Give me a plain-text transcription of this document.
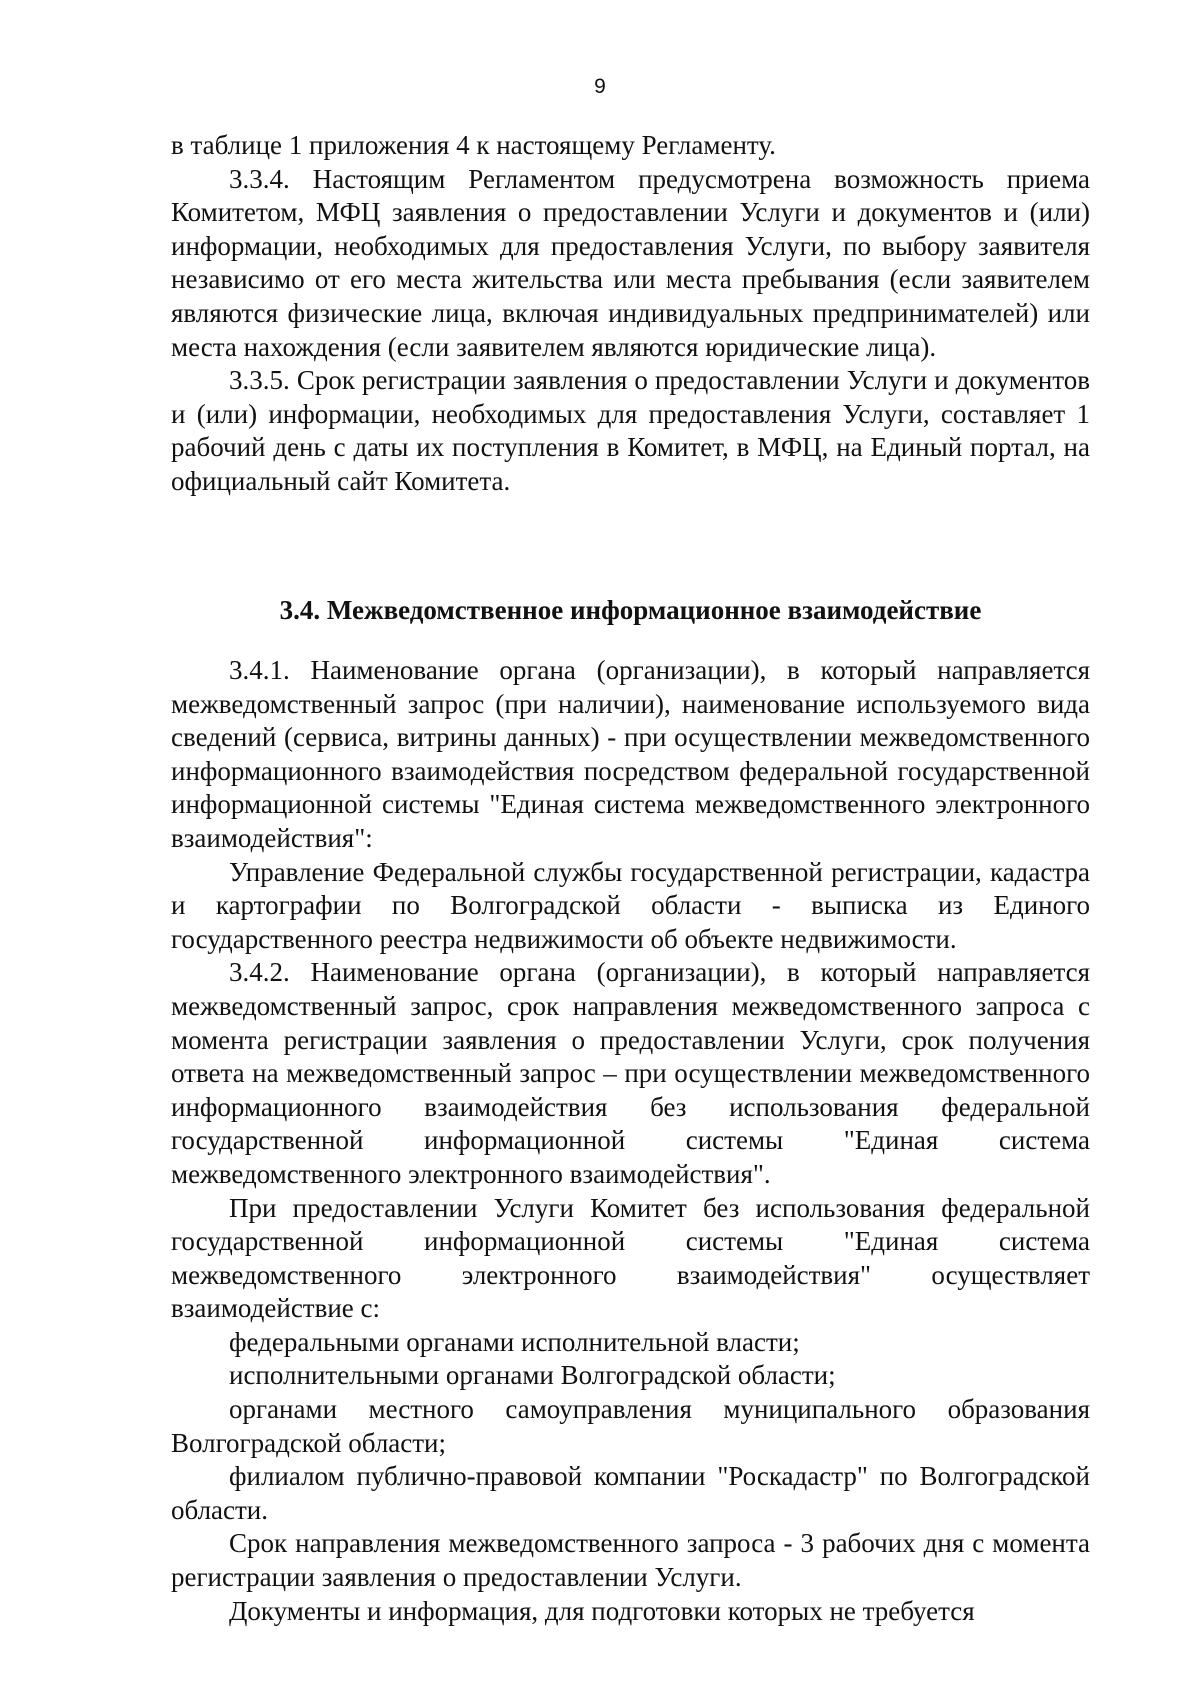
9

в таблице 1 приложения 4 к настоящему Регламенту.

3.3.4. Настоящим Регламентом предусмотрена возможность приема Комитетом, МФЦ заявления о предоставлении Услуги и документов и (или) информации, необходимых для предоставления Услуги, по выбору заявителя независимо от его места жительства или места пребывания (если заявителем являются физические лица, включая индивидуальных предпринимателей) или места нахождения (если заявителем являются юридические лица).

3.3.5. Срок регистрации заявления о предоставлении Услуги и документов и (или) информации, необходимых для предоставления Услуги, составляет 1 рабочий день с даты их поступления в Комитет, в МФЦ, на Единый портал, на официальный сайт Комитета.

3.4. Межведомственное информационное взаимодействие

3.4.1. Наименование органа (организации), в который направляется межведомственный запрос (при наличии), наименование используемого вида сведений (сервиса, витрины данных) - при осуществлении межведомственного информационного взаимодействия посредством федеральной государственной информационной системы "Единая система межведомственного электронного взаимодействия":

Управление Федеральной службы государственной регистрации, кадастра и картографии по Волгоградской области - выписка из Единого государственного реестра недвижимости об объекте недвижимости.

3.4.2. Наименование органа (организации), в который направляется межведомственный запрос, срок направления межведомственного запроса с момента регистрации заявления о предоставлении Услуги, срок получения ответа на межведомственный запрос – при осуществлении межведомственного информационного взаимодействия без использования федеральной государственной информационной системы "Единая система межведомственного электронного взаимодействия".

При предоставлении Услуги Комитет без использования федеральной государственной информационной системы "Единая система межведомственного электронного взаимодействия" осуществляет взаимодействие с:

федеральными органами исполнительной власти;

исполнительными органами Волгоградской области;

органами местного самоуправления муниципального образования Волгоградской области;

филиалом публично-правовой компании "Роскадастр" по Волгоградской области.

Срок направления межведомственного запроса - 3 рабочих дня с момента регистрации заявления о предоставлении Услуги.

Документы и информация, для подготовки которых не требуется
